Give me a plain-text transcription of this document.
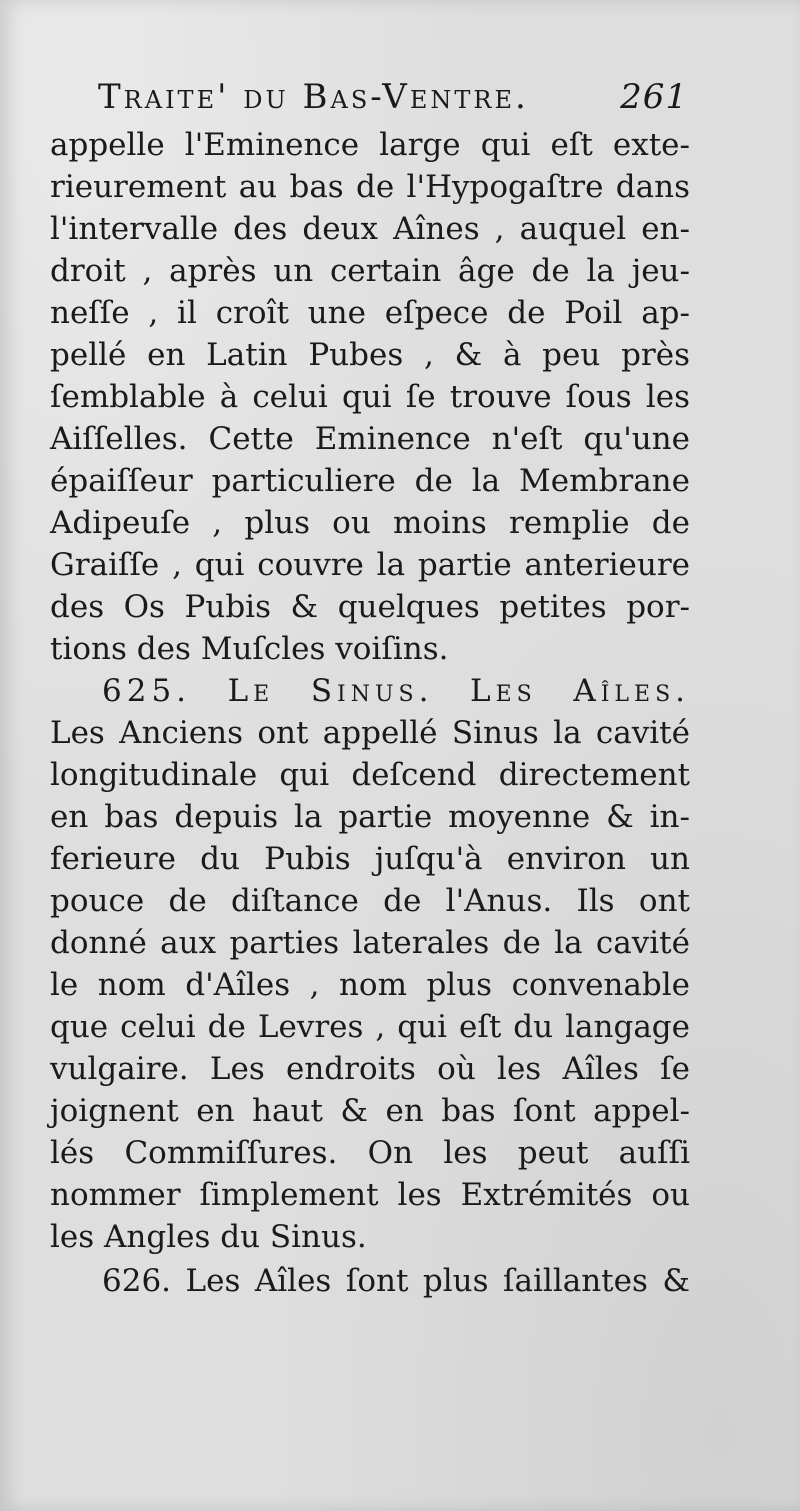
Traite' du Bas-Ventre.	261
appelle l'Eminence large qui eſt exte-
rieurement au bas de l'Hypogaſtre dans
l'intervalle des deux Aînes , auquel en-
droit , après un certain âge de la jeu-
neſſe , il croît une eſpece de Poil ap-
pellé en Latin Pubes , & à peu près
ſemblable à celui qui ſe trouve ſous les
Aiſſelles. Cette Eminence n'eſt qu'une
épaiſſeur particuliere de la Membrane
Adipeuſe , plus ou moins remplie de
Graiſſe , qui couvre la partie anterieure
des Os Pubis & quelques petites por-
tions des Muſcles voiſins.
625. Le Sinus. Les Aîles.
Les Anciens ont appellé Sinus la cavité
longitudinale qui deſcend directement
en bas depuis la partie moyenne & in-
ferieure du Pubis juſqu'à environ un
pouce de diſtance de l'Anus. Ils ont
donné aux parties laterales de la cavité
le nom d'Aîles , nom plus convenable
que celui de Levres , qui eſt du langage
vulgaire. Les endroits où les Aîles ſe
joignent en haut & en bas ſont appel-
lés Commiſſures. On les peut auſſi
nommer ſimplement les Extrémités ou
les Angles du Sinus.
626. Les Aîles ſont plus ſaillantes &
